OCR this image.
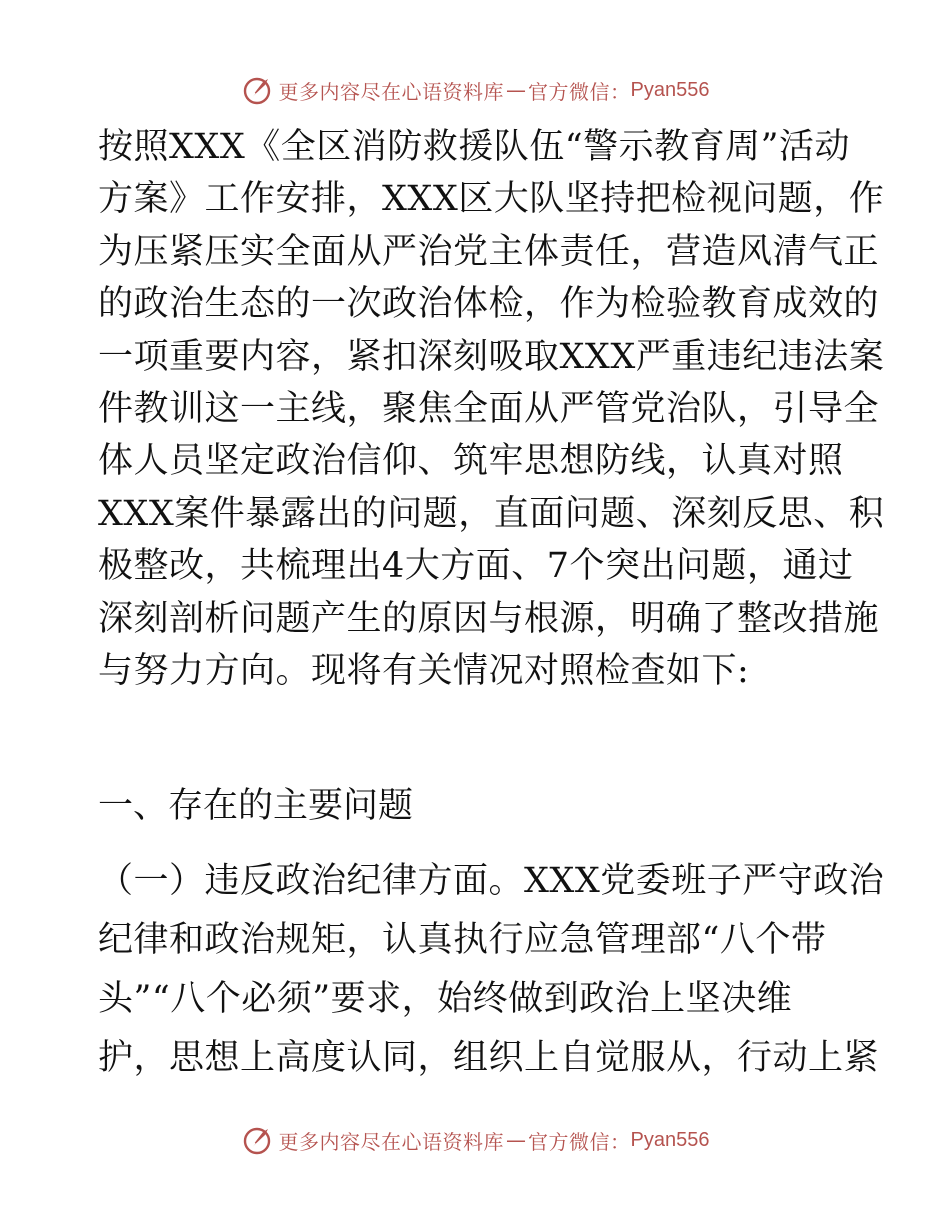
更多内容尽在心语资料库 — 官方微信： Pyan556
按照XXX《全区消防救援队伍“警示教育周”活动
方案》工作安排，XXX区大队坚持把检视问题，作
为压紧压实全面从严治党主体责任，营造风清气正
的政治生态的一次政治体检，作为检验教育成效的
一项重要内容，紧扣深刻吸取XXX严重违纪违法案
件教训这一主线，聚焦全面从严管党治队，引导全
体人员坚定政治信仰、筑牢思想防线，认真对照
XXX案件暴露出的问题，直面问题、深刻反思、积
极整改，共梳理出4大方面、7个突出问题，通过
深刻剖析问题产生的原因与根源，明确了整改措施
与努力方向。现将有关情况对照检查如下:
一、存在的主要问题
（一）违反政治纪律方面。XXX党委班子严守政治
纪律和政治规矩，认真执行应急管理部“八个带
头”“八个必须”要求，始终做到政治上坚决维
护，思想上高度认同，组织上自觉服从，行动上紧
更多内容尽在心语资料库 — 官方微信： Pyan556
